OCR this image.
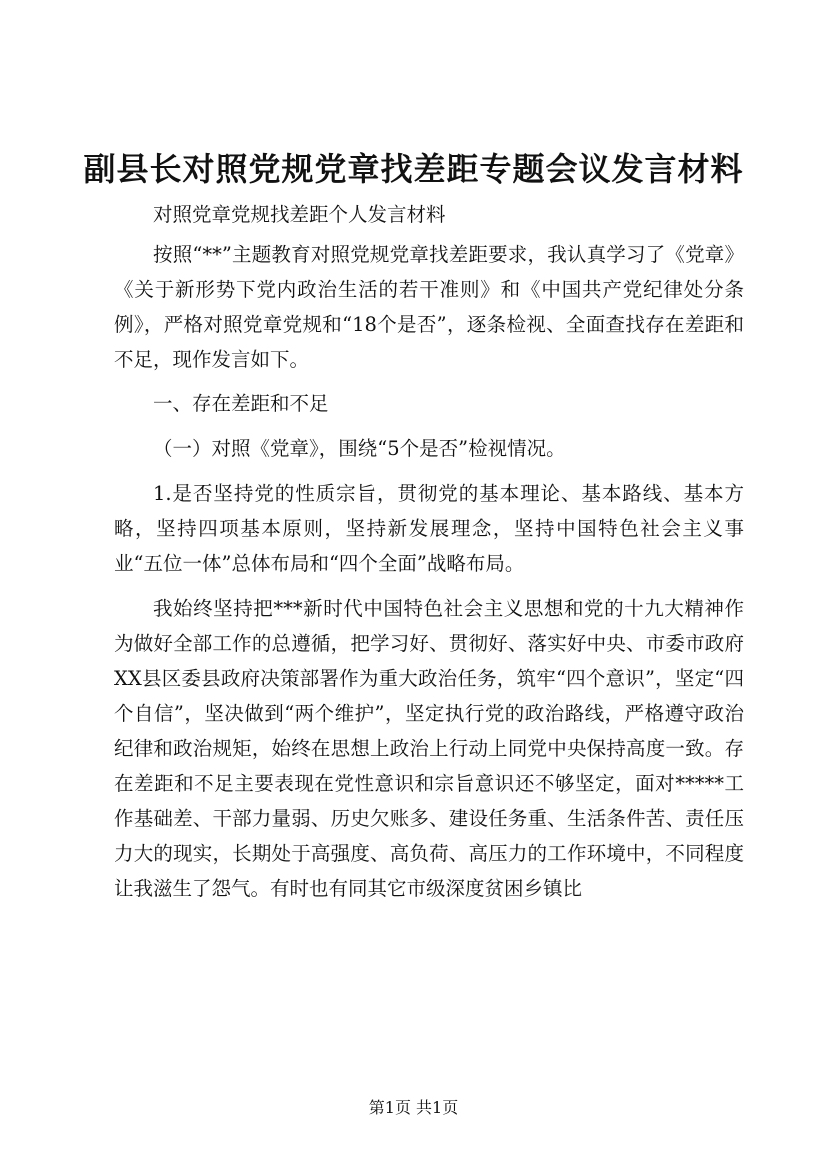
副县长对照党规党章找差距专题会议发言材料

对照党章党规找差距个人发言材料

按照“**”主题教育对照党规党章找差距要求，我认真学习了《党章》《关于新形势下党内政治生活的若干准则》和《中国共产党纪律处分条例》，严格对照党章党规和“18个是否”，逐条检视、全面查找存在差距和不足，现作发言如下。

一、存在差距和不足

（一）对照《党章》，围绕“5个是否”检视情况。

1.是否坚持党的性质宗旨，贯彻党的基本理论、基本路线、基本方略，坚持四项基本原则，坚持新发展理念，坚持中国特色社会主义事业“五位一体”总体布局和“四个全面”战略布局。

我始终坚持把***新时代中国特色社会主义思想和党的十九大精神作为做好全部工作的总遵循，把学习好、贯彻好、落实好中央、市委市政府XX县区委县政府决策部署作为重大政治任务，筑牢“四个意识”，坚定“四个自信”，坚决做到“两个维护”，坚定执行党的政治路线，严格遵守政治纪律和政治规矩，始终在思想上政治上行动上同党中央保持高度一致。存在差距和不足主要表现在党性意识和宗旨意识还不够坚定，面对*****工作基础差、干部力量弱、历史欠账多、建设任务重、生活条件苦、责任压力大的现实，长期处于高强度、高负荷、高压力的工作环境中，不同程度让我滋生了怨气。有时也有同其它市级深度贫困乡镇比

第1页 共1页
